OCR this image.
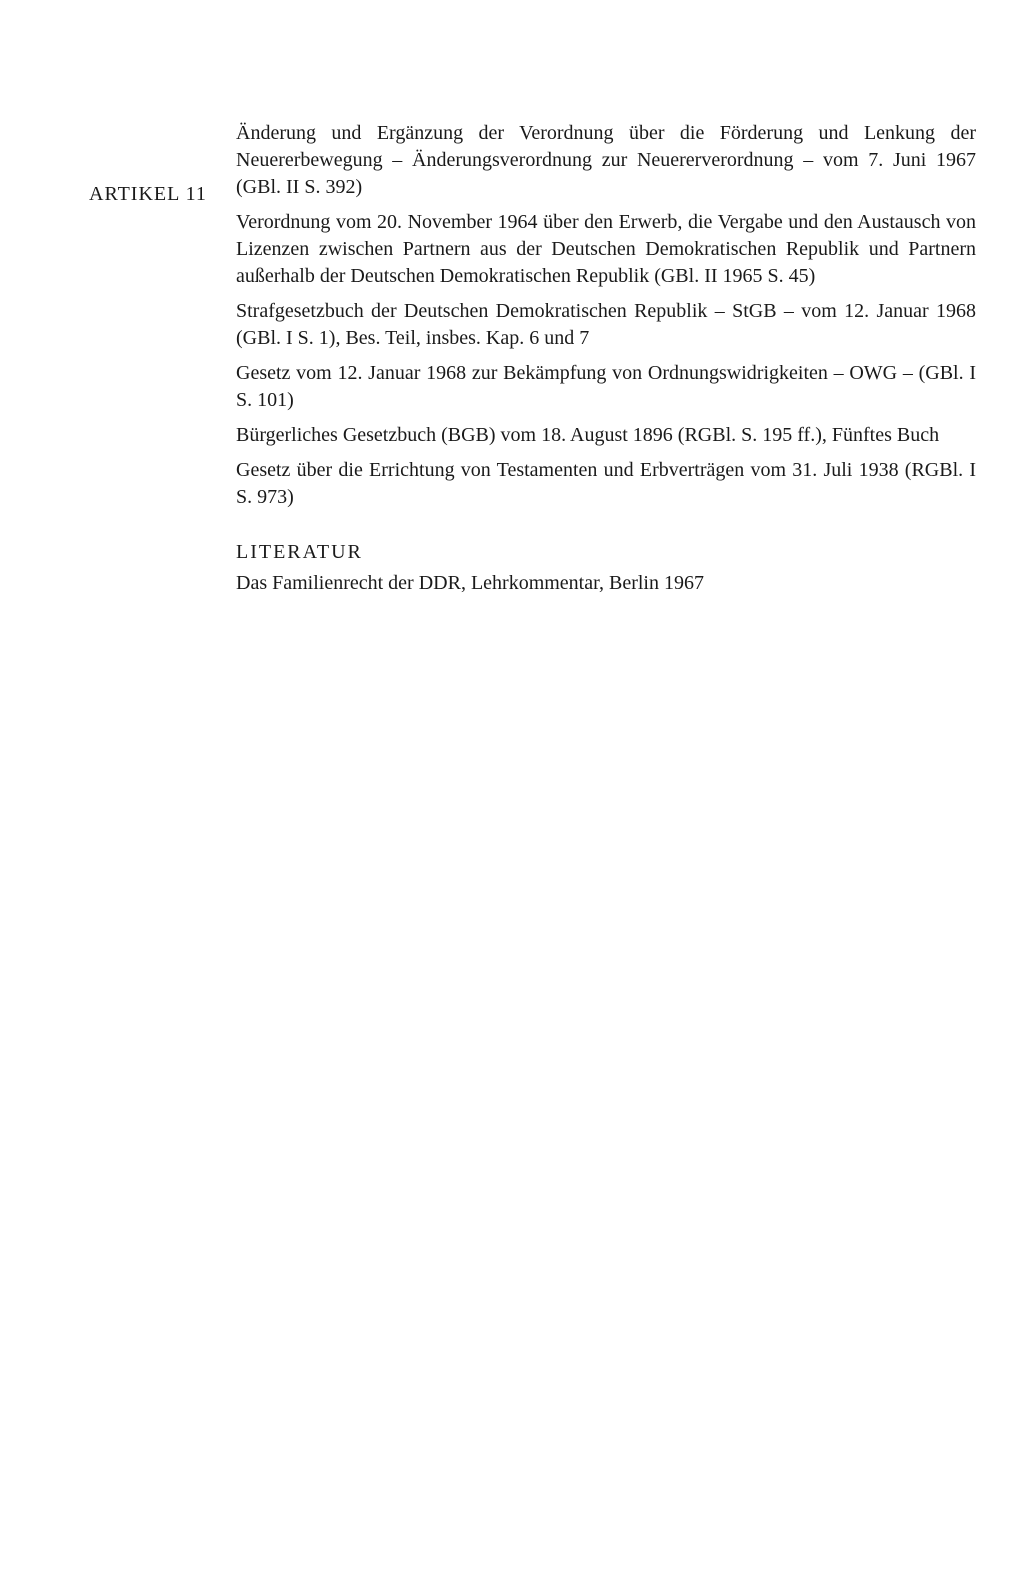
ARTIKEL 11

Änderung und Ergänzung der Verordnung über die Förderung und Lenkung der Neuererbewegung – Änderungsverordnung zur Neuererverordnung – vom 7. Juni 1967 (GBl. II S. 392)

Verordnung vom 20. November 1964 über den Erwerb, die Vergabe und den Austausch von Lizenzen zwischen Partnern aus der Deutschen Demokratischen Republik und Partnern außerhalb der Deutschen Demokratischen Republik (GBl. II 1965 S. 45)

Strafgesetzbuch der Deutschen Demokratischen Republik – StGB – vom 12. Januar 1968 (GBl. I S. 1), Bes. Teil, insbes. Kap. 6 und 7

Gesetz vom 12. Januar 1968 zur Bekämpfung von Ordnungswidrigkeiten – OWG – (GBl. I S. 101)

Bürgerliches Gesetzbuch (BGB) vom 18. August 1896 (RGBl. S. 195 ff.), Fünftes Buch

Gesetz über die Errichtung von Testamenten und Erbverträgen vom 31. Juli 1938 (RGBl. I S. 973)

LITERATUR

Das Familienrecht der DDR, Lehrkommentar, Berlin 1967
